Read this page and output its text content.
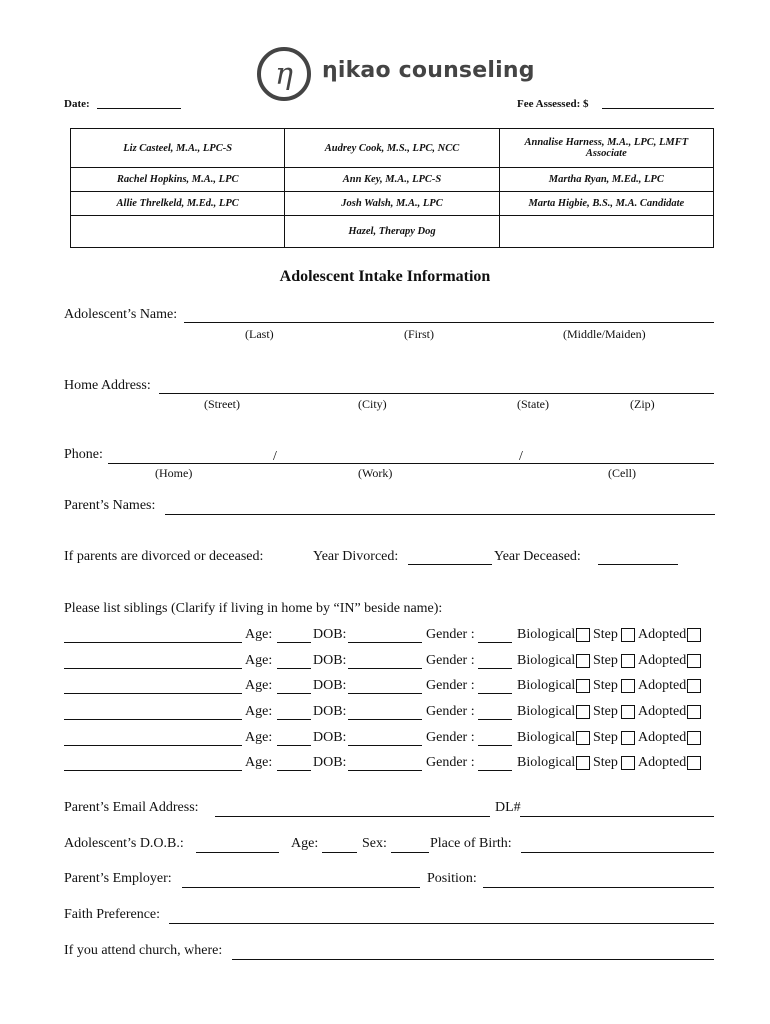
η ηikao counseling
Date:	Fee Assessed: $
Liz Casteel, M.A., LPC-S	Audrey Cook, M.S., LPC, NCC	Annalise Harness, M.A., LPC, LMFT Associate
Rachel Hopkins, M.A., LPC	Ann Key, M.A., LPC-S	Martha Ryan, M.Ed., LPC
Allie Threlkeld, M.Ed., LPC	Josh Walsh, M.A., LPC	Marta Higbie, B.S., M.A. Candidate
	Hazel, Therapy Dog	
Adolescent Intake Information
Adolescent’s Name:
(Last)	(First)	(Middle/Maiden)
Home Address:
(Street)	(City)	(State)	(Zip)
Phone:	/	/
(Home)	(Work)	(Cell)
Parent’s Names:
If parents are divorced or deceased:	Year Divorced:	Year Deceased:
Please list siblings (Clarify if living in home by “IN” beside name):
Age:	DOB:	Gender :	Biological Step Adopted
Age:	DOB:	Gender :	Biological Step Adopted
Age:	DOB:	Gender :	Biological Step Adopted
Age:	DOB:	Gender :	Biological Step Adopted
Age:	DOB:	Gender :	Biological Step Adopted
Age:	DOB:	Gender :	Biological Step Adopted
Parent’s Email Address:	DL#
Adolescent’s D.O.B.:	Age:	Sex:	Place of Birth:
Parent’s Employer:	Position:
Faith Preference:
If you attend church, where:
